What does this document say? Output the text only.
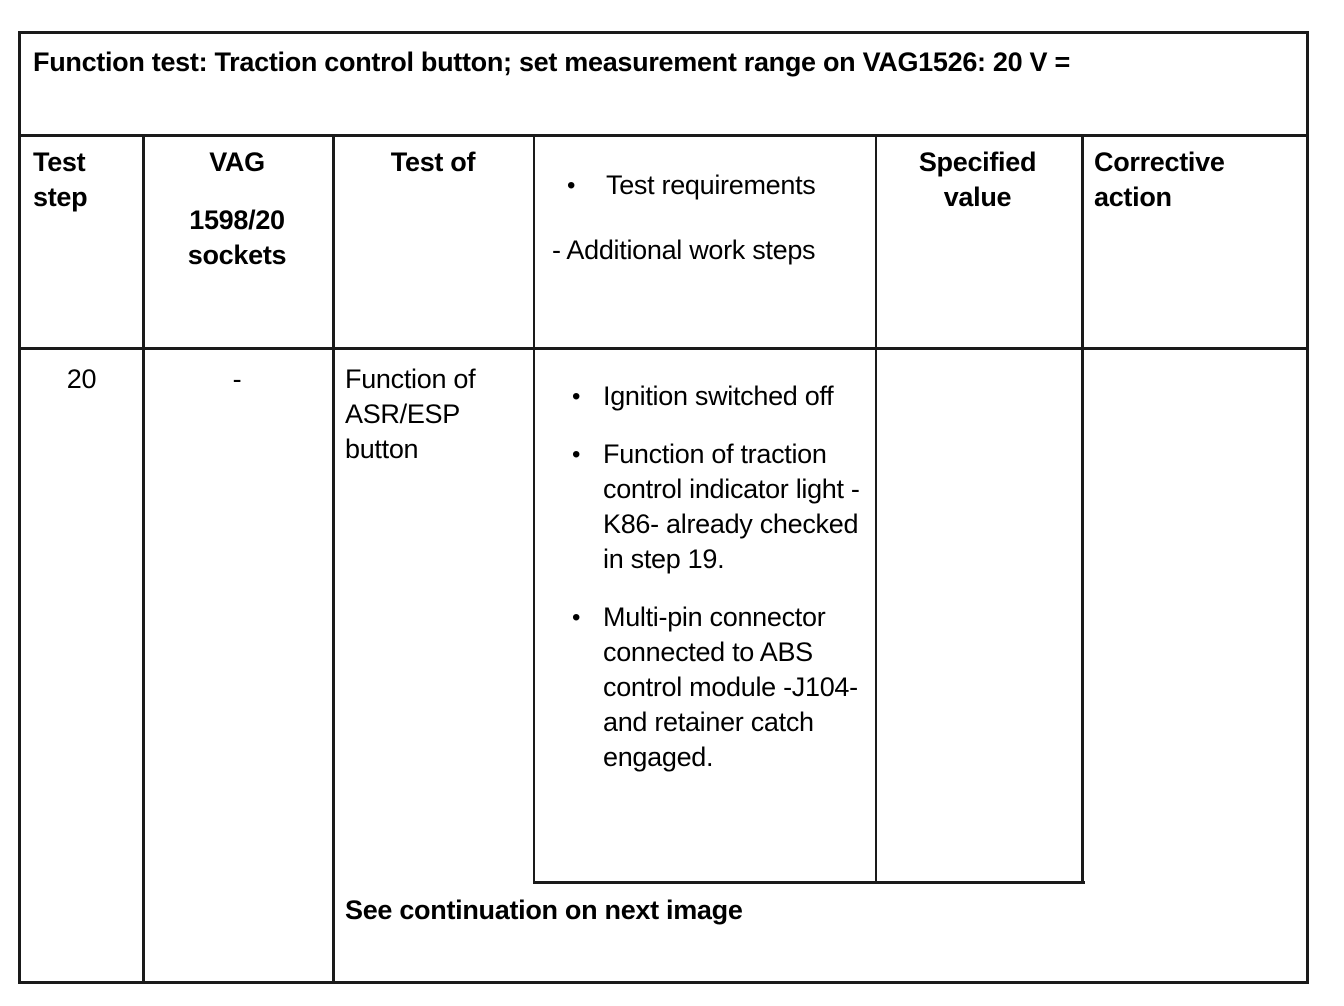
Function test: Traction control button; set measurement range on VAG1526: 20 V =
Test step
VAG
1598/20 sockets
Test of
• Test requirements
- Additional work steps
Specified value
Corrective action
20	-	Function of ASR/ESP button
• Ignition switched off
• Function of traction control indicator light -K86- already checked in step 19.
• Multi-pin connector connected to ABS control module -J104- and retainer catch engaged.
See continuation on next image
